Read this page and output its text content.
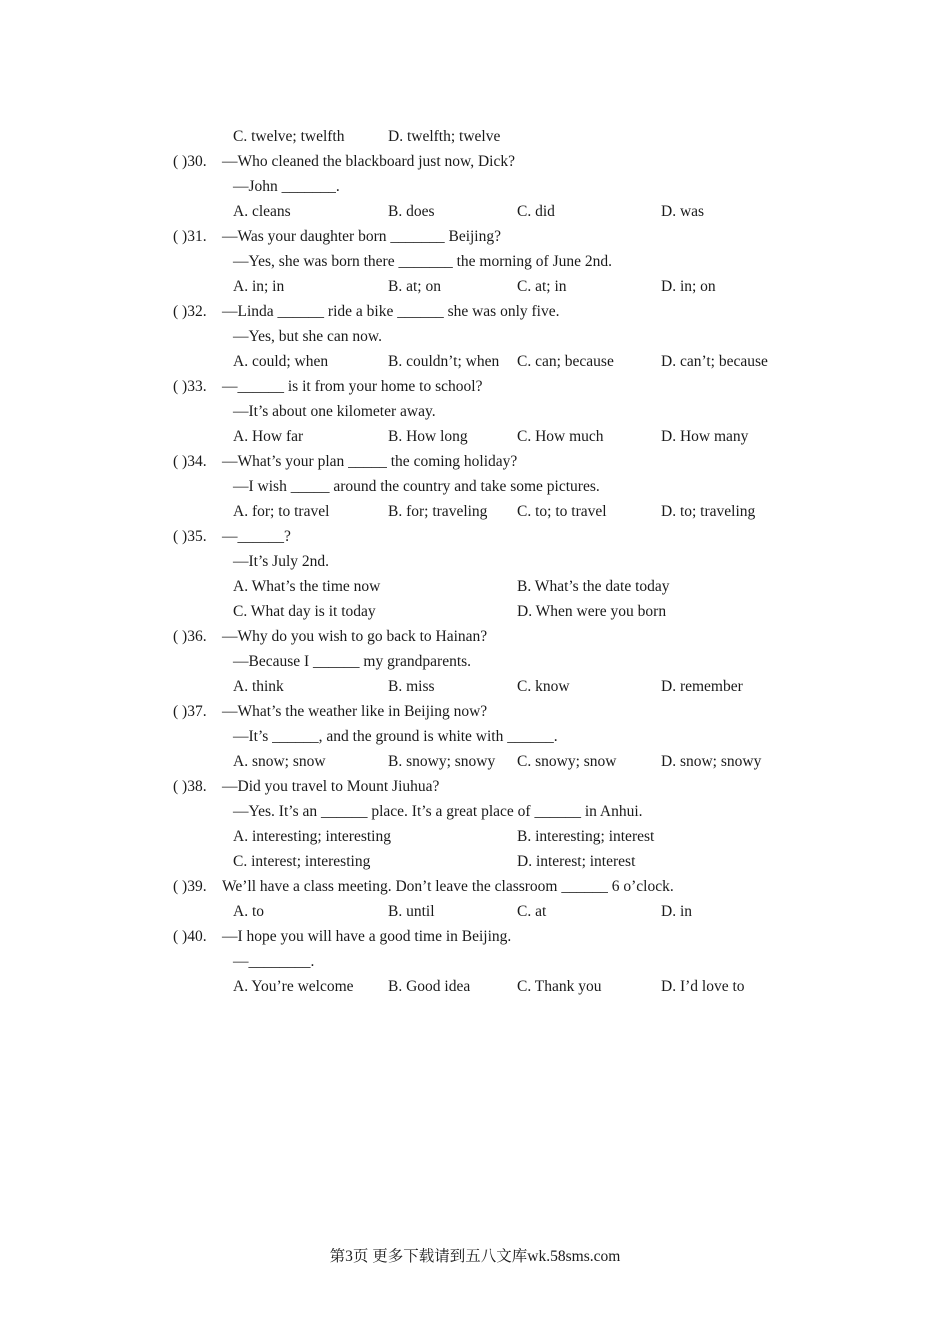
C. twelve; twelfth	D. twelfth; twelve
( )30. —Who cleaned the blackboard just now, Dick?
—John _______.
A. cleans	B. does	C. did	D. was
( )31. —Was your daughter born _______ Beijing?
—Yes, she was born there _______ the morning of June 2nd.
A. in; in	B. at; on	C. at; in	D. in; on
( )32. —Linda ______ ride a bike ______ she was only five.
—Yes, but she can now.
A. could; when	B. couldn’t; when C. can; because	D. can’t; because
( )33. —______ is it from your home to school?
—It’s about one kilometer away.
A. How far	B. How long	C. How much	D. How many
( )34. —What’s your plan _____ the coming holiday?
—I wish _____ around the country and take some pictures.
A. for; to travel	B. for; traveling C. to; to travel	D. to; traveling
( )35. —______?
—It’s July 2nd.
A. What’s the time now	B. What’s the date today
C. What day is it today	D. When were you born
( )36. —Why do you wish to go back to Hainan?
—Because I ______ my grandparents.
A. think	B. miss	C. know	D. remember
( )37. —What’s the weather like in Beijing now?
—It’s ______, and the ground is white with ______.
A. snow; snow	B. snowy; snowy C. snowy; snow	D. snow; snowy
( )38. —Did you travel to Mount Jiuhua?
—Yes. It’s an ______ place. It’s a great place of ______ in Anhui.
A. interesting; interesting	B. interesting; interest
C. interest; interesting	D. interest; interest
( )39. We’ll have a class meeting. Don’t leave the classroom ______ 6 o’clock.
A. to	B. until	C. at	D. in
( )40. —I hope you will have a good time in Beijing.
—________.
A. You’re welcome B. Good idea	C. Thank you	D. I’d love to
第3页 更多下载请到五八文库wk.58sms.com
